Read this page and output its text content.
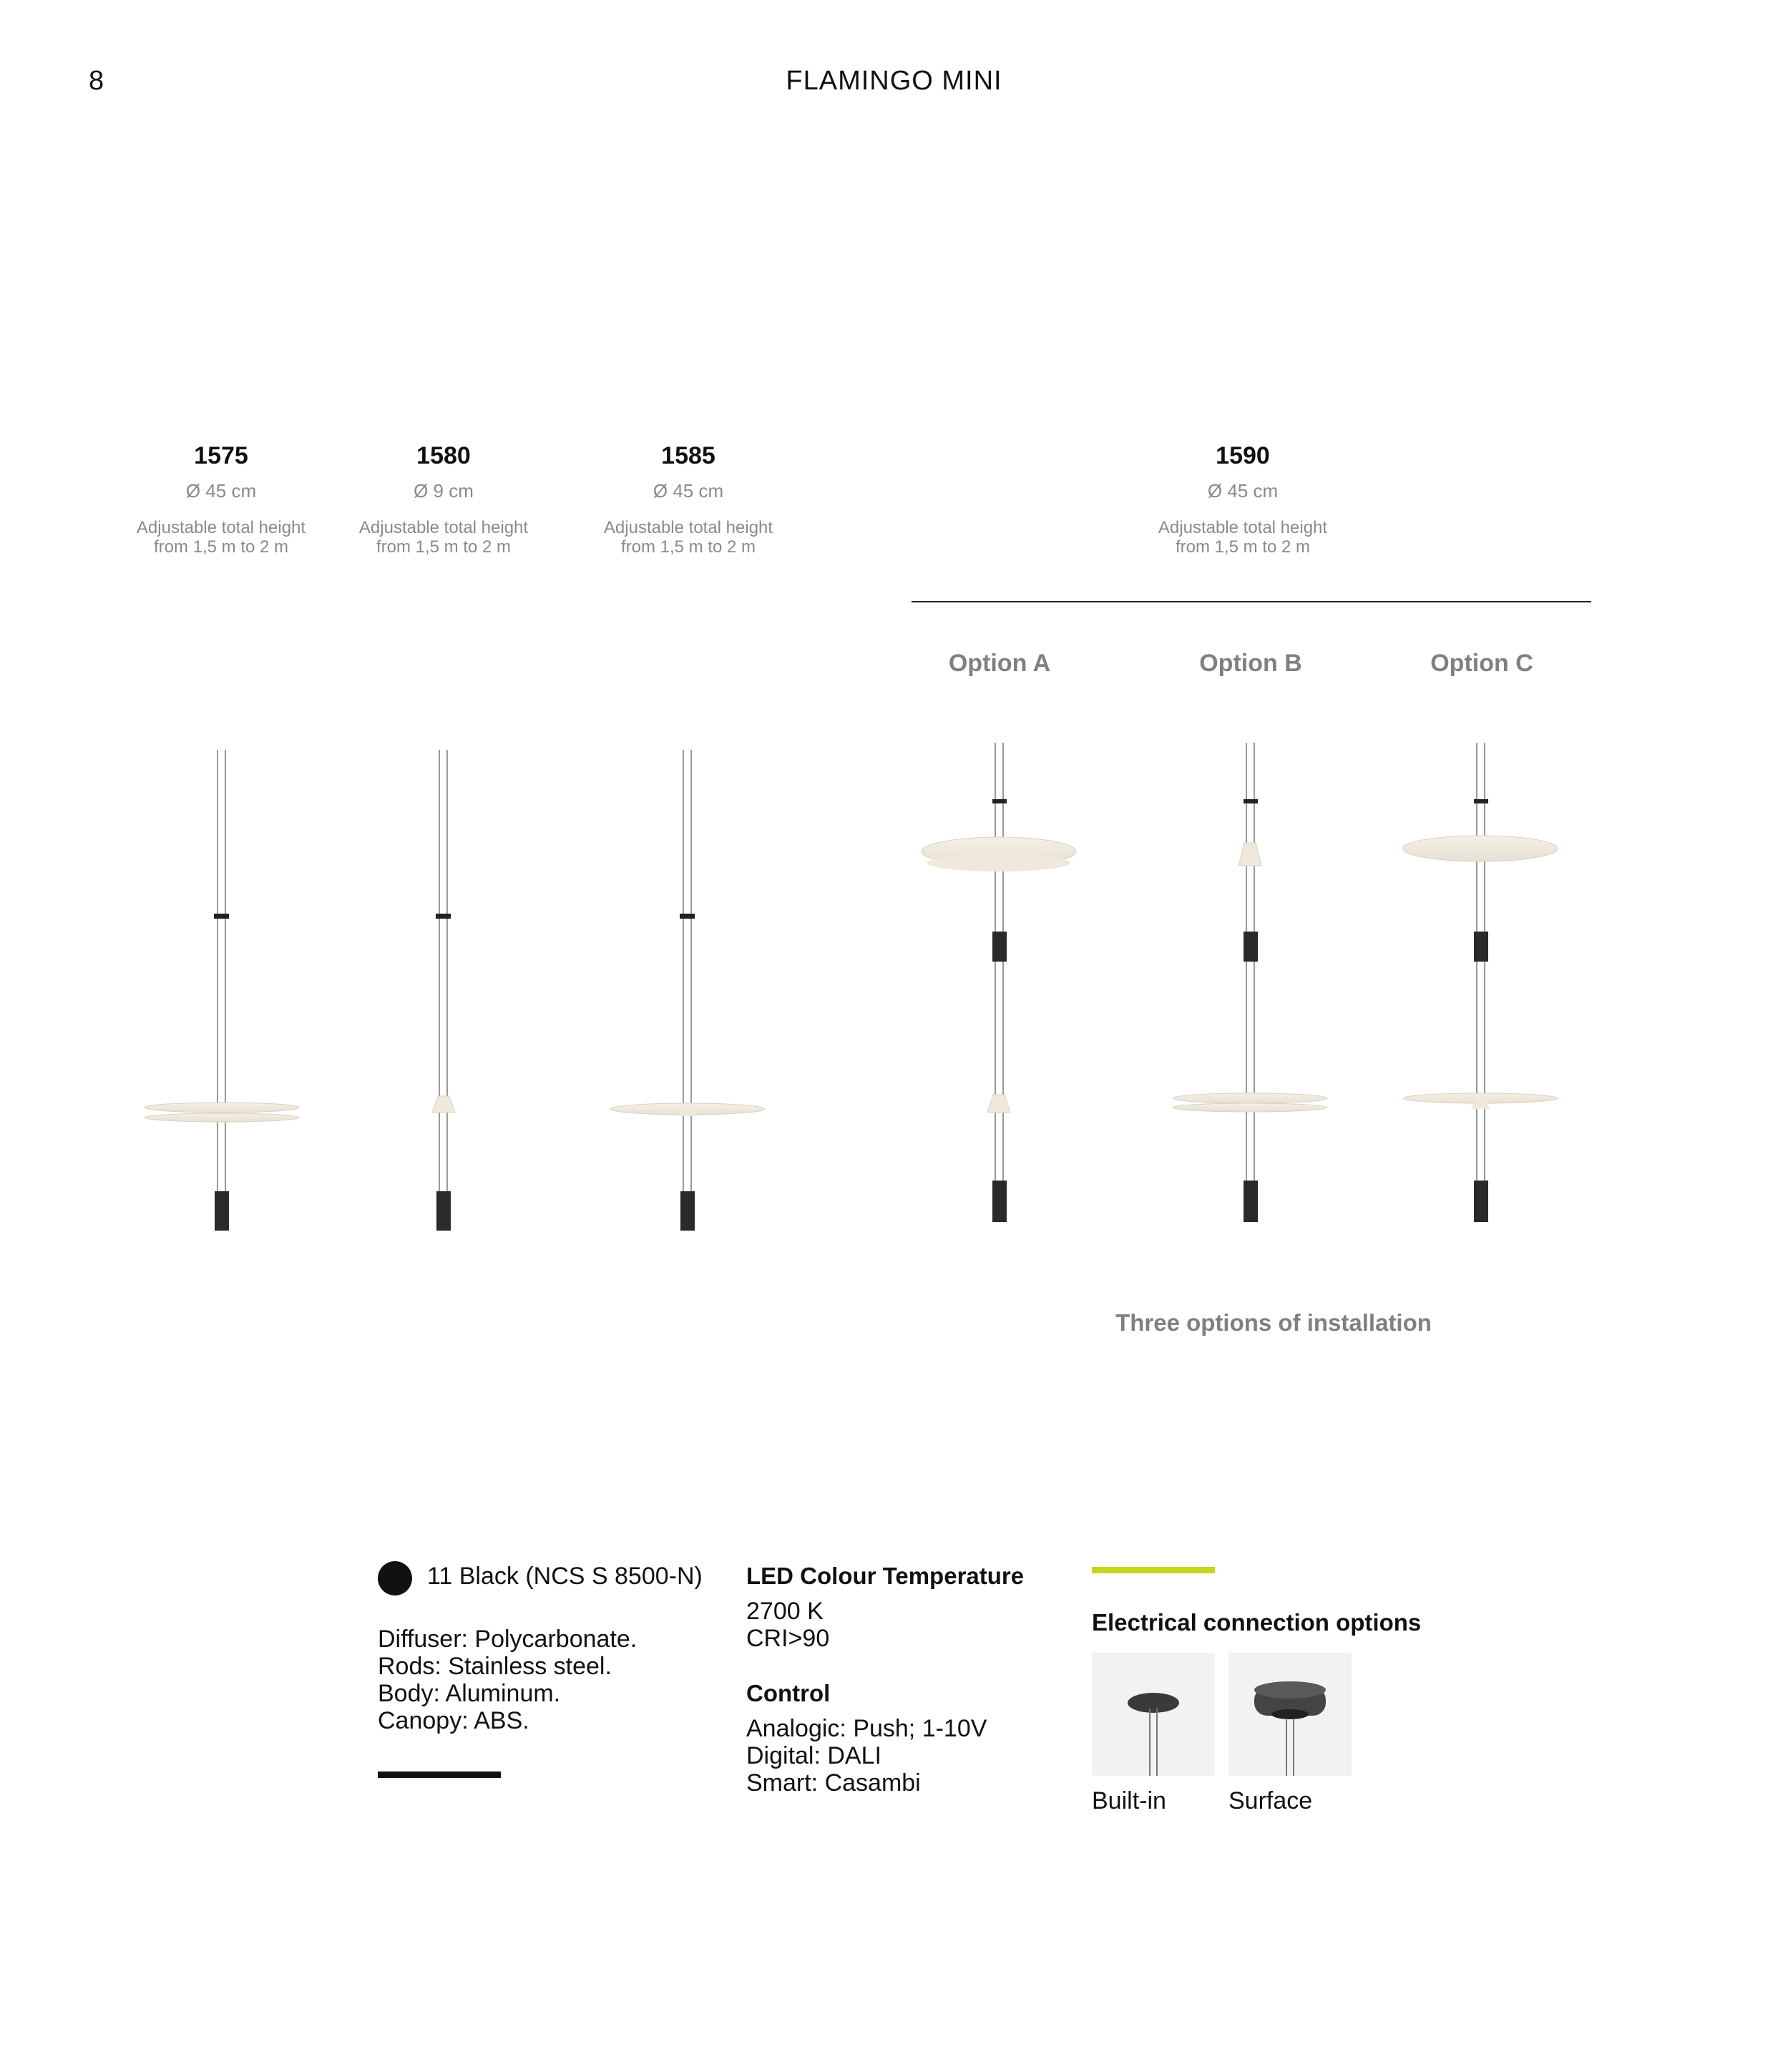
8	FLAMINGO MINI
1575
Ø 45 cm
Adjustable total height
from 1,5 m to 2 m
1580
Ø 9 cm
Adjustable total height
from 1,5 m to 2 m
1585
Ø 45 cm
Adjustable total height
from 1,5 m to 2 m
1590
Ø 45 cm
Adjustable total height
from 1,5 m to 2 m
Option A	Option B	Option C
Three options of installation
11 Black (NCS S 8500-N)
Diffuser: Polycarbonate.
Rods: Stainless steel.
Body: Aluminum.
Canopy: ABS.
LED Colour Temperature
2700 K
CRI>90
Control
Analogic: Push; 1-10V
Digital: DALI
Smart: Casambi
Electrical connection options
Built-in	Surface
